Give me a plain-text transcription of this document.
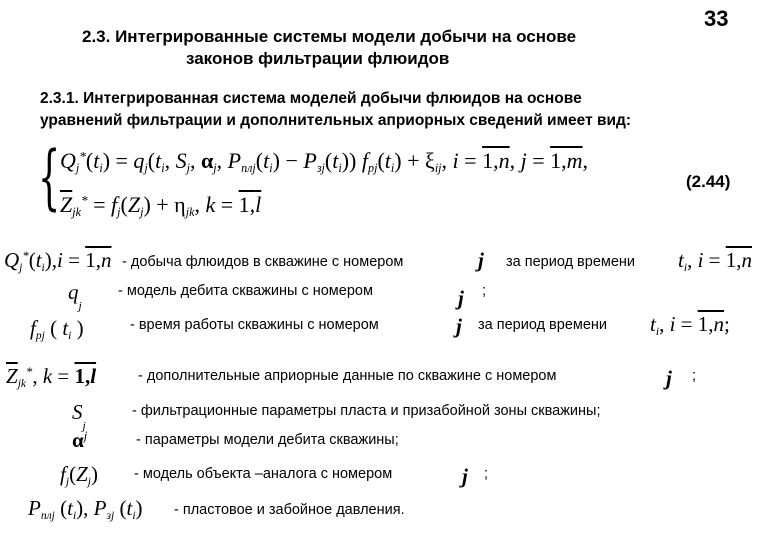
33
2.3. Интегрированные системы модели добычи на основе
законов фильтрации флюидов
2.3.1. Интегрированная система моделей добычи флюидов на основе
уравнений фильтрации и дополнительных априорных сведений имеет вид:
{ $Q_j^*(t_i) = q_j(t_i$, $S_j$, $\alpha_j$, $P_{плj}(t_i) - P_{зj}(t_i)$) $f_{pj}(t_i) + \xi_{ij}$, $i = 1,\overline{n}$, $j = 1,\overline{m}$,
$\overline{Z}_{jk}^* = f_j(Z_j) + \eta_{jk}$, $k = 1,\overline{l}$
(2.44)
$Q_j^*(t_i),i = 1,\overline{n}$ - добыча флюидов в скважине с номером	j за период времени $t_i$, $i = 1,\overline{n}$
$q_j$
- модель дебита скважины с номером	j ;
$f_{pj}$ ( $t_i$ )	- время работы скважины с номером	j за период времени $t_i$, $i = 1,\overline{n}$;
$\overline{Z}_{jk}^*$, $k = 1,\overline{l}$	- дополнительные априорные данные по скважине с номером	j ;
$S_j$
- фильтрационные параметры пласта и призабойной зоны скважины;
$\alpha^j$	- параметры модели дебита скважины;
$f_j(Z_j)$ - модель объекта –аналога с номером	j ;
$P_{плj}$ $(t_i)$, $P_{зj}$ $(t_i)$ - пластовое и забойное давления.
